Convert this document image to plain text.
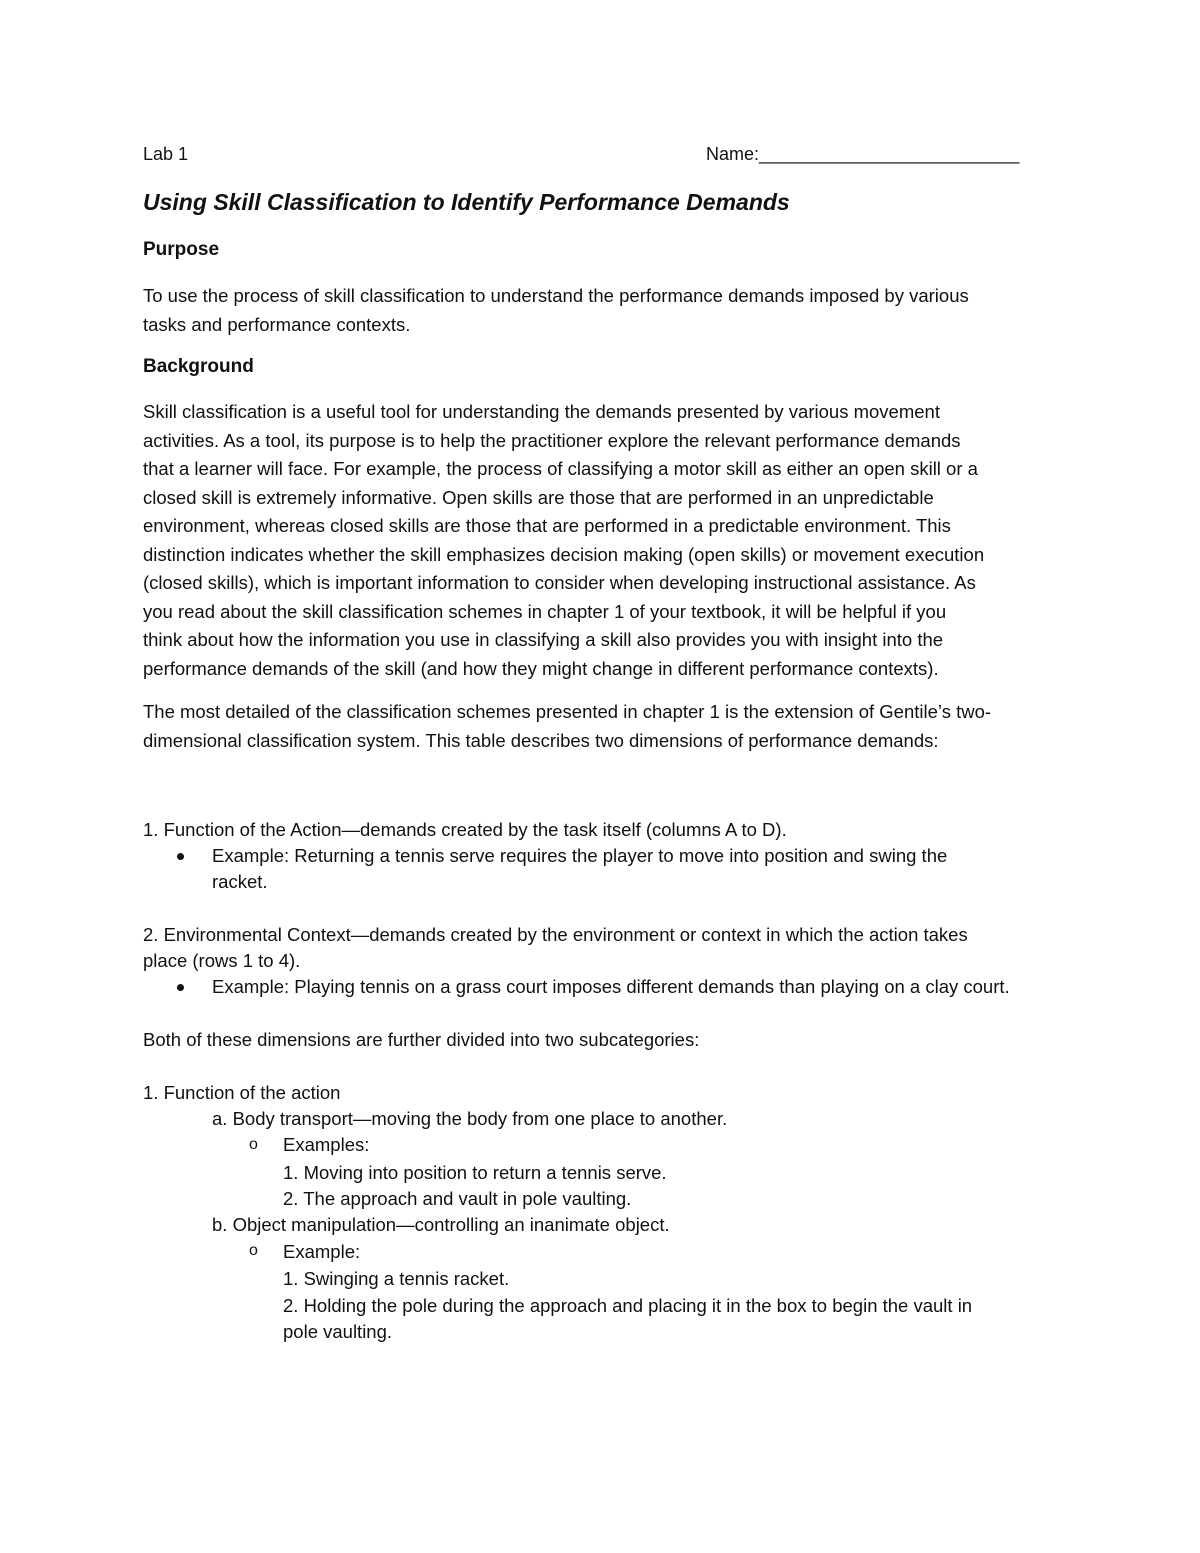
Lab 1	Name:__________________________
Using Skill Classification to Identify Performance Demands
Purpose
To use the process of skill classification to understand the performance demands imposed by various
tasks and performance contexts.
Background
Skill classification is a useful tool for understanding the demands presented by various movement
activities. As a tool, its purpose is to help the practitioner explore the relevant performance demands
that a learner will face. For example, the process of classifying a motor skill as either an open skill or a
closed skill is extremely informative. Open skills are those that are performed in an unpredictable
environment, whereas closed skills are those that are performed in a predictable environment. This
distinction indicates whether the skill emphasizes decision making (open skills) or movement execution
(closed skills), which is important information to consider when developing instructional assistance. As
you read about the skill classification schemes in chapter 1 of your textbook, it will be helpful if you
think about how the information you use in classifying a skill also provides you with insight into the
performance demands of the skill (and how they might change in different performance contexts).
The most detailed of the classification schemes presented in chapter 1 is the extension of Gentile’s two-
dimensional classification system. This table describes two dimensions of performance demands:
1. Function of the Action—demands created by the task itself (columns A to D).
Example: Returning a tennis serve requires the player to move into position and swing the
racket.
2. Environmental Context—demands created by the environment or context in which the action takes
place (rows 1 to 4).
Example: Playing tennis on a grass court imposes different demands than playing on a clay court.
Both of these dimensions are further divided into two subcategories:
1. Function of the action
a. Body transport—moving the body from one place to another.
o Examples:
1. Moving into position to return a tennis serve.
2. The approach and vault in pole vaulting.
b. Object manipulation—controlling an inanimate object.
o Example:
1. Swinging a tennis racket.
2. Holding the pole during the approach and placing it in the box to begin the vault in
pole vaulting.
